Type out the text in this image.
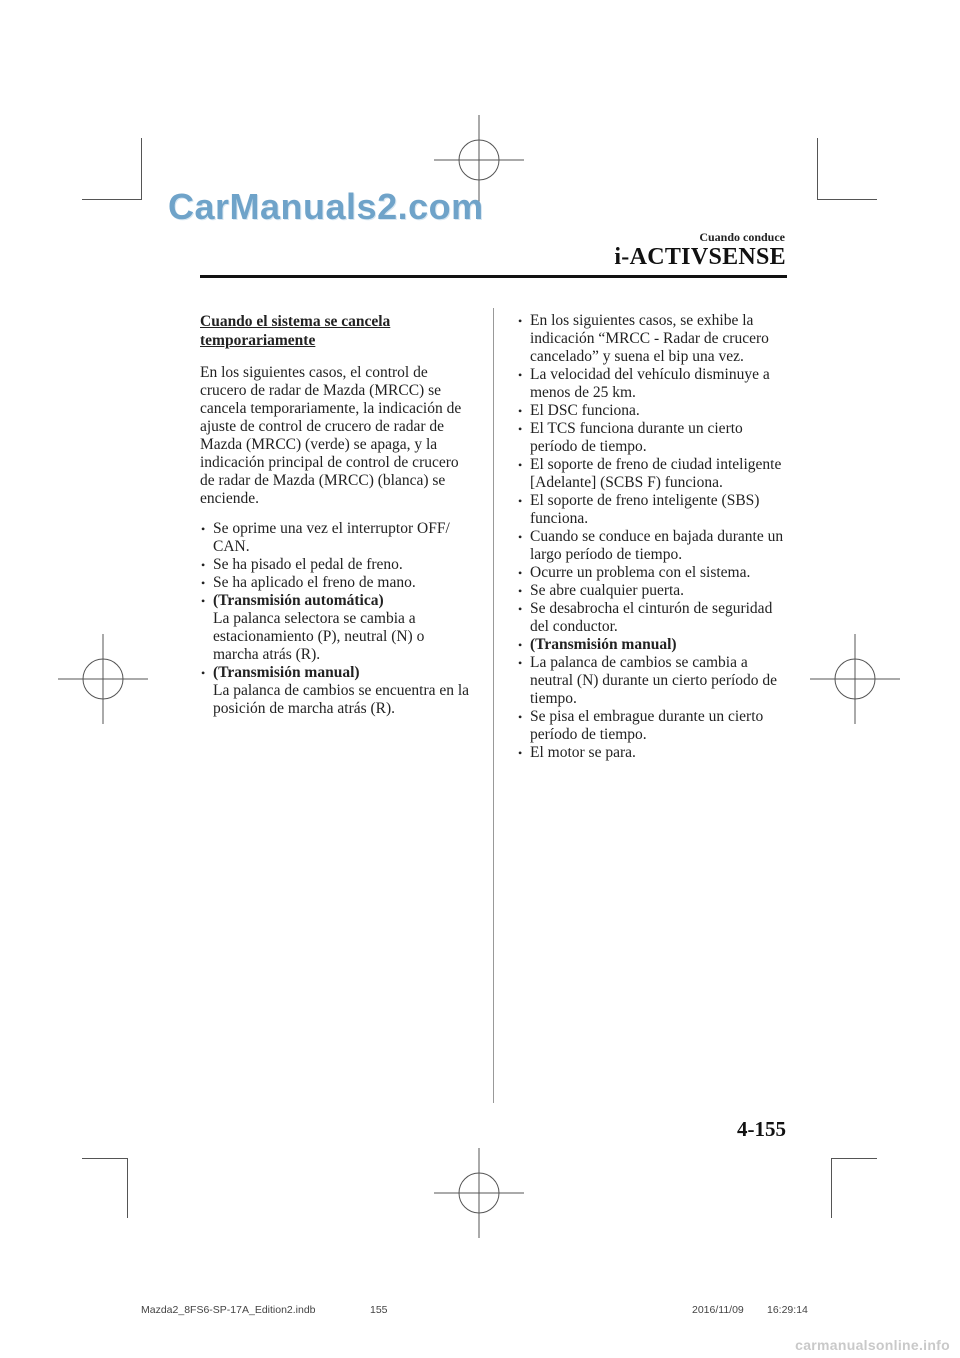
CarManuals2.com
Cuando conduce
i-ACTIVSENSE
Cuando el sistema se cancela
temporariamente

En los siguientes casos, el control de crucero de radar de Mazda (MRCC) se cancela temporariamente, la indicación de ajuste de control de crucero de radar de Mazda (MRCC) (verde) se apaga, y la indicación principal de control de crucero de radar de Mazda (MRCC) (blanca) se enciende.

• Se oprime una vez el interruptor OFF/ CAN.
• Se ha pisado el pedal de freno.
• Se ha aplicado el freno de mano.
• (Transmisión automática)
La palanca selectora se cambia a estacionamiento (P), neutral (N) o marcha atrás (R).
• (Transmisión manual)
La palanca de cambios se encuentra en la posición de marcha atrás (R).
• En los siguientes casos, se exhibe la indicación “MRCC - Radar de crucero cancelado” y suena el bip una vez.
• La velocidad del vehículo disminuye a menos de 25 km.
• El DSC funciona.
• El TCS funciona durante un cierto período de tiempo.
• El soporte de freno de ciudad inteligente [Adelante] (SCBS F) funciona.
• El soporte de freno inteligente (SBS) funciona.
• Cuando se conduce en bajada durante un largo período de tiempo.
• Ocurre un problema con el sistema.
• Se abre cualquier puerta.
• Se desabrocha el cinturón de seguridad del conductor.
• (Transmisión manual)
• La palanca de cambios se cambia a neutral (N) durante un cierto período de tiempo.
• Se pisa el embrague durante un cierto período de tiempo.
• El motor se para.
4-155
Mazda2_8FS6-SP-17A_Edition2.indb	155	2016/11/09 16:29:14
carmanualsonline.info
